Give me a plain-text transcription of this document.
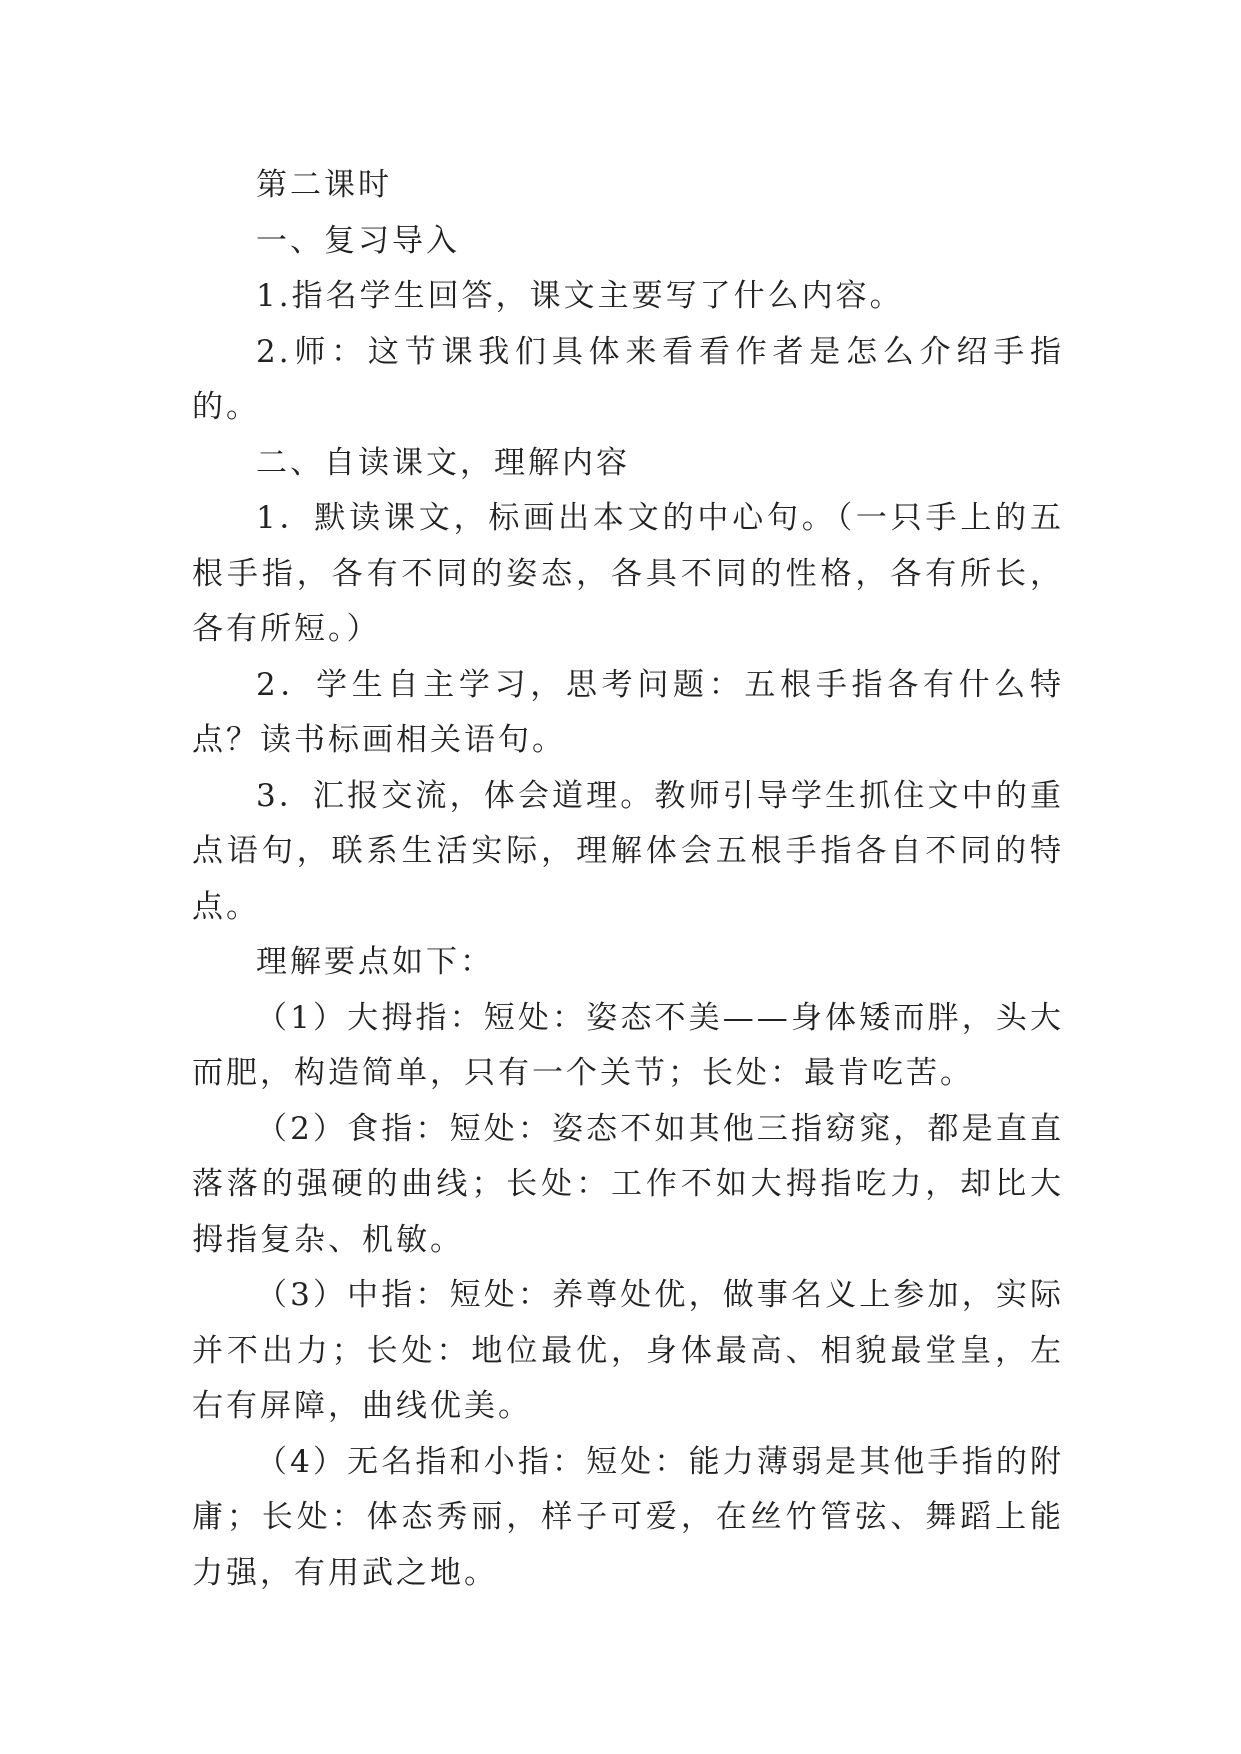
第二课时

一、复习导入

1.指名学生回答，课文主要写了什么内容。

2.师：这节课我们具体来看看作者是怎么介绍手指的。

二、自读课文，理解内容

1．默读课文，标画出本文的中心句。（一只手上的五根手指，各有不同的姿态，各具不同的性格，各有所长，各有所短。）

2．学生自主学习，思考问题：五根手指各有什么特点？读书标画相关语句。

3．汇报交流，体会道理。教师引导学生抓住文中的重点语句，联系生活实际，理解体会五根手指各自不同的特点。

理解要点如下：

（1）大拇指：短处：姿态不美——身体矮而胖，头大而肥，构造简单，只有一个关节；长处：最肯吃苦。

（2）食指：短处：姿态不如其他三指窈窕，都是直直落落的强硬的曲线；长处：工作不如大拇指吃力，却比大拇指复杂、机敏。

（3）中指：短处：养尊处优，做事名义上参加，实际并不出力；长处：地位最优，身体最高、相貌最堂皇，左右有屏障，曲线优美。

（4）无名指和小指：短处：能力薄弱是其他手指的附庸；长处：体态秀丽，样子可爱，在丝竹管弦、舞蹈上能力强，有用武之地。
